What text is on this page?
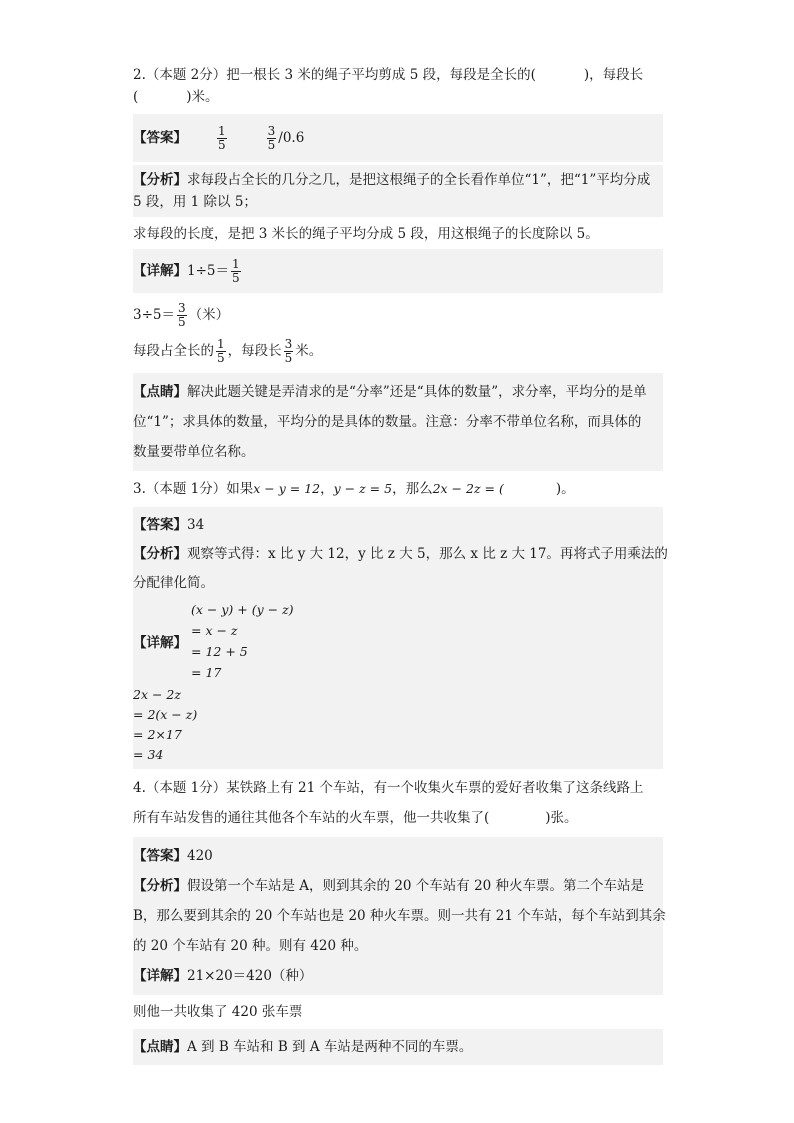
2.（本题 2分）把一根长 3 米的绳子平均剪成 5 段，每段是全长的(	)，每段长
(	)米。
【答案】	$\frac{1}{5}$	$\frac{3}{5} /0.6$
【分析】求每段占全长的几分之几，是把这根绳子的全长看作单位“1”，把“1”平均分成
5 段，用 1 除以 5；
求每段的长度，是把 3 米长的绳子平均分成 5 段，用这根绳子的长度除以 5。
【详解】 $1\div 5= \frac{1}{5}$
$3\div 5= \frac{3}{5}$ （米）
每段占全长的 $\frac{1}{5}$ ，每段长 $\frac{3}{5}$ 米。
【点睛】解决此题关键是弄清求的是“分率”还是“具体的数量”，求分率，平均分的是单
位“1”；求具体的数量，平均分的是具体的数量。注意：分率不带单位名称，而具体的
数量要带单位名称。
3.（本题 1分）如果x − y = 12，y − z = 5，那么2x − 2z = (	)。
【答案】34
【分析】观察等式得：x 比 y 大 12，y 比 z 大 5，那么 x 比 z 大 17。再将式子用乘法的
分配律化简。
【详解】
(x − y) + (y − z)
= x − z
= 12 + 5
= 17
2x − 2z
= 2(x − z)
= 2×17
= 34
4.（本题 1分）某铁路上有 21 个车站，有一个收集火车票的爱好者收集了这条线路上
所有车站发售的通往其他各个车站的火车票，他一共收集了(	)张。
【答案】420
【分析】假设第一个车站是 A，则到其余的 20 个车站有 20 种火车票。第二个车站是
B，那么要到其余的 20 个车站也是 20 种火车票。则一共有 21 个车站，每个车站到其余
的 20 个车站有 20 种。则有 420 种。
【详解】21×20＝420（种）
则他一共收集了 420 张车票
【点睛】A 到 B 车站和 B 到 A 车站是两种不同的车票。
